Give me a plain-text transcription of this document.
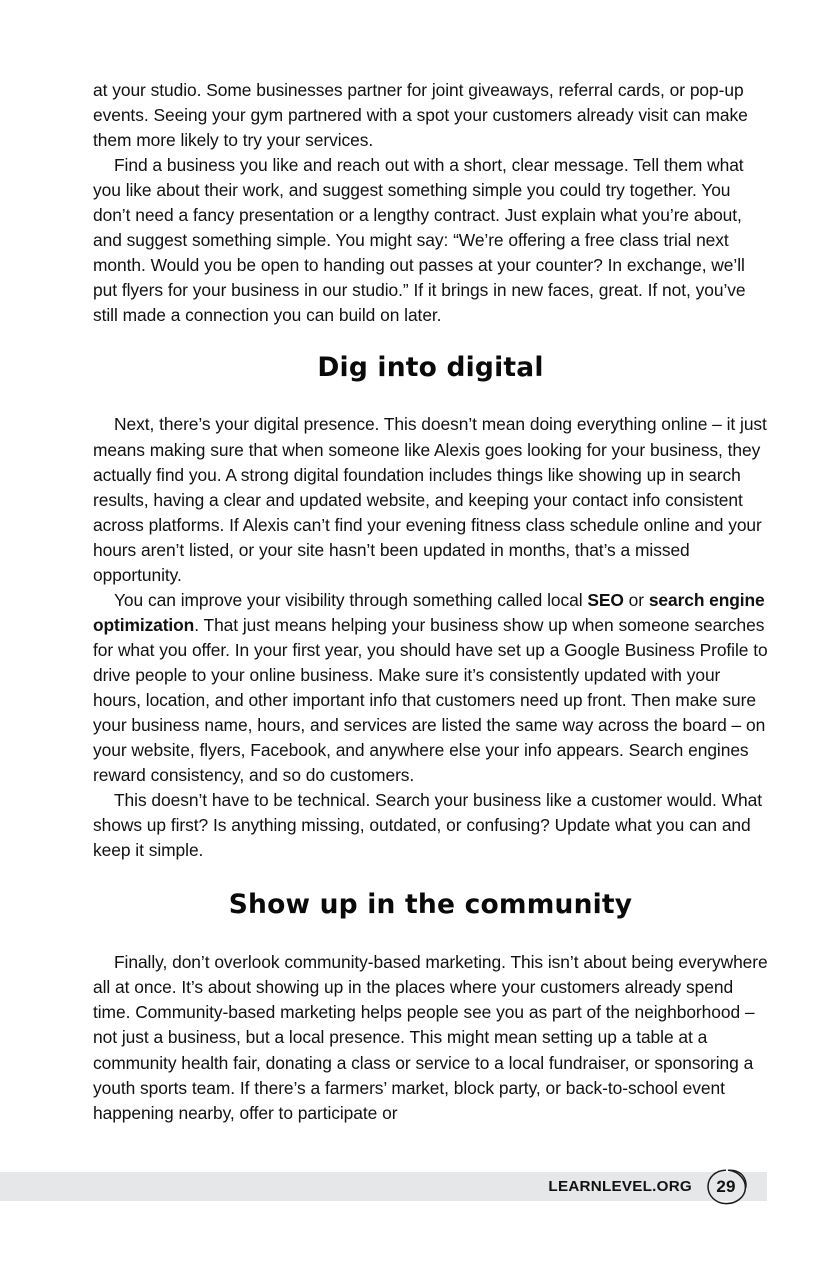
at your studio. Some businesses partner for joint giveaways, referral cards, or pop-up events. Seeing your gym partnered with a spot your customers already visit can make them more likely to try your services.

Find a business you like and reach out with a short, clear message. Tell them what you like about their work, and suggest something simple you could try together. You don’t need a fancy presentation or a lengthy contract. Just explain what you’re about, and suggest something simple. You might say: “We’re offering a free class trial next month. Would you be open to handing out passes at your counter? In exchange, we’ll put flyers for your business in our studio.” If it brings in new faces, great. If not, you’ve still made a connection you can build on later.

Dig into digital

Next, there’s your digital presence. This doesn’t mean doing everything online – it just means making sure that when someone like Alexis goes looking for your business, they actually find you. A strong digital foundation includes things like showing up in search results, having a clear and updated website, and keeping your contact info consistent across platforms. If Alexis can’t find your evening fitness class schedule online and your hours aren’t listed, or your site hasn’t been updated in months, that’s a missed opportunity.

You can improve your visibility through something called local SEO or search engine optimization. That just means helping your business show up when someone searches for what you offer. In your first year, you should have set up a Google Business Profile to drive people to your online business. Make sure it’s consistently updated with your hours, location, and other important info that customers need up front. Then make sure your business name, hours, and services are listed the same way across the board – on your website, flyers, Facebook, and anywhere else your info appears. Search engines reward consistency, and so do customers.

This doesn’t have to be technical. Search your business like a customer would. What shows up first? Is anything missing, outdated, or confusing? Update what you can and keep it simple.

Show up in the community

Finally, don’t overlook community-based marketing. This isn’t about being everywhere all at once. It’s about showing up in the places where your customers already spend time. Community-based marketing helps people see you as part of the neighborhood – not just a business, but a local presence. This might mean setting up a table at a community health fair, donating a class or service to a local fundraiser, or sponsoring a youth sports team. If there’s a farmers’ market, block party, or back-to-school event happening nearby, offer to participate or

LEARNLEVEL.ORG 29
